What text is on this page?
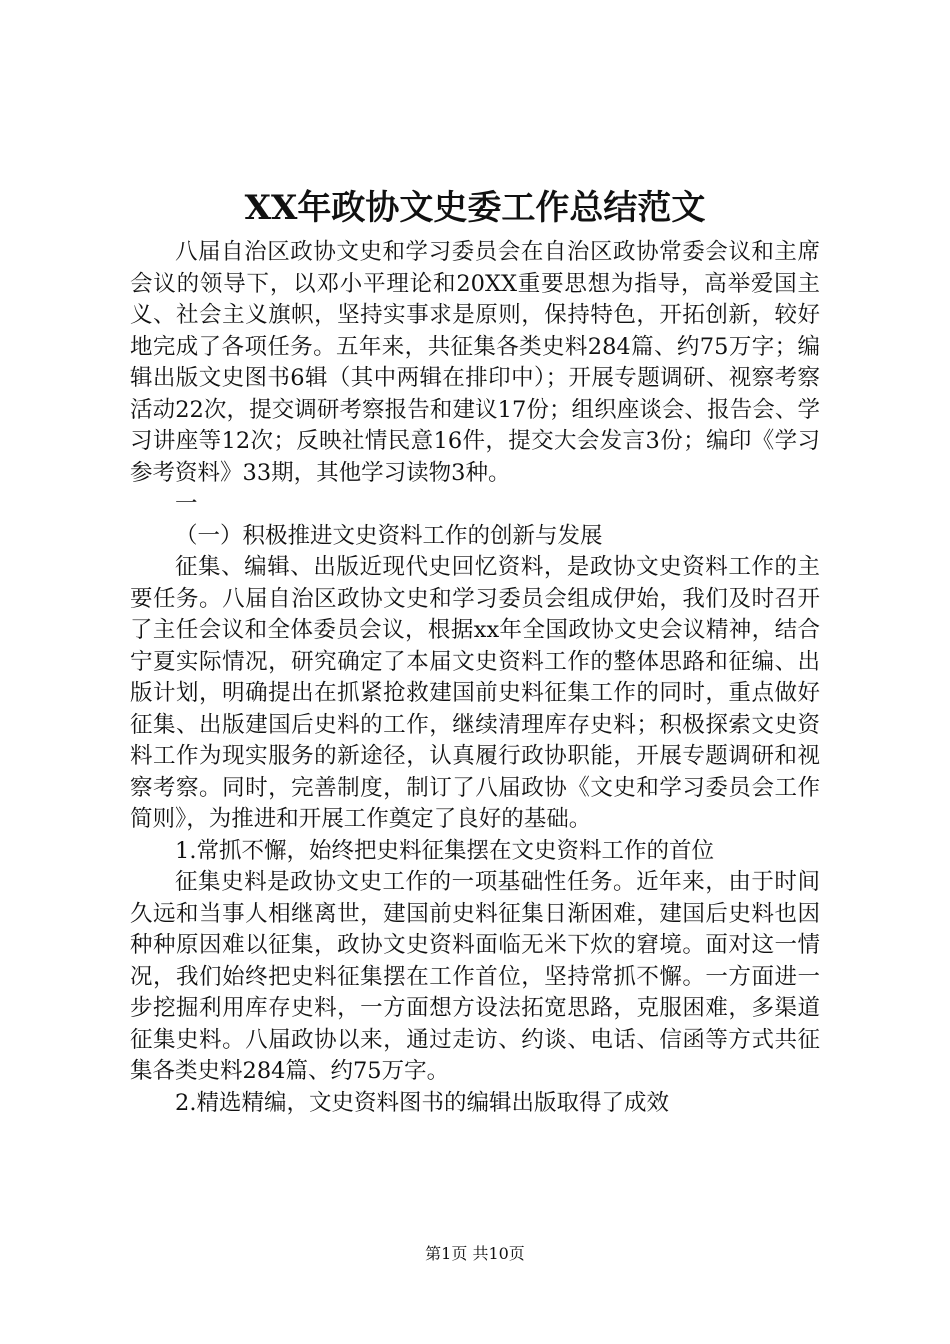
XX年政协文史委工作总结范文

八届自治区政协文史和学习委员会在自治区政协常委会议和主席会议的领导下，以邓小平理论和20XX重要思想为指导，高举爱国主义、社会主义旗帜，坚持实事求是原则，保持特色，开拓创新，较好地完成了各项任务。五年来，共征集各类史料284篇、约75万字；编辑出版文史图书6辑（其中两辑在排印中）；开展专题调研、视察考察活动22次，提交调研考察报告和建议17份；组织座谈会、报告会、学习讲座等12次；反映社情民意16件，提交大会发言3份；编印《学习参考资料》33期，其他学习读物3种。

一

（一）积极推进文史资料工作的创新与发展

征集、编辑、出版近现代史回忆资料，是政协文史资料工作的主要任务。八届自治区政协文史和学习委员会组成伊始，我们及时召开了主任会议和全体委员会议，根据xx年全国政协文史会议精神，结合宁夏实际情况，研究确定了本届文史资料工作的整体思路和征编、出版计划，明确提出在抓紧抢救建国前史料征集工作的同时，重点做好征集、出版建国后史料的工作，继续清理库存史料；积极探索文史资料工作为现实服务的新途径，认真履行政协职能，开展专题调研和视察考察。同时，完善制度，制订了八届政协《文史和学习委员会工作简则》，为推进和开展工作奠定了良好的基础。

1.常抓不懈，始终把史料征集摆在文史资料工作的首位

征集史料是政协文史工作的一项基础性任务。近年来，由于时间久远和当事人相继离世，建国前史料征集日渐困难，建国后史料也因种种原因难以征集，政协文史资料面临无米下炊的窘境。面对这一情况，我们始终把史料征集摆在工作首位，坚持常抓不懈。一方面进一步挖掘利用库存史料，一方面想方设法拓宽思路，克服困难，多渠道征集史料。八届政协以来，通过走访、约谈、电话、信函等方式共征集各类史料284篇、约75万字。

2.精选精编，文史资料图书的编辑出版取得了成效

第1页 共10页
